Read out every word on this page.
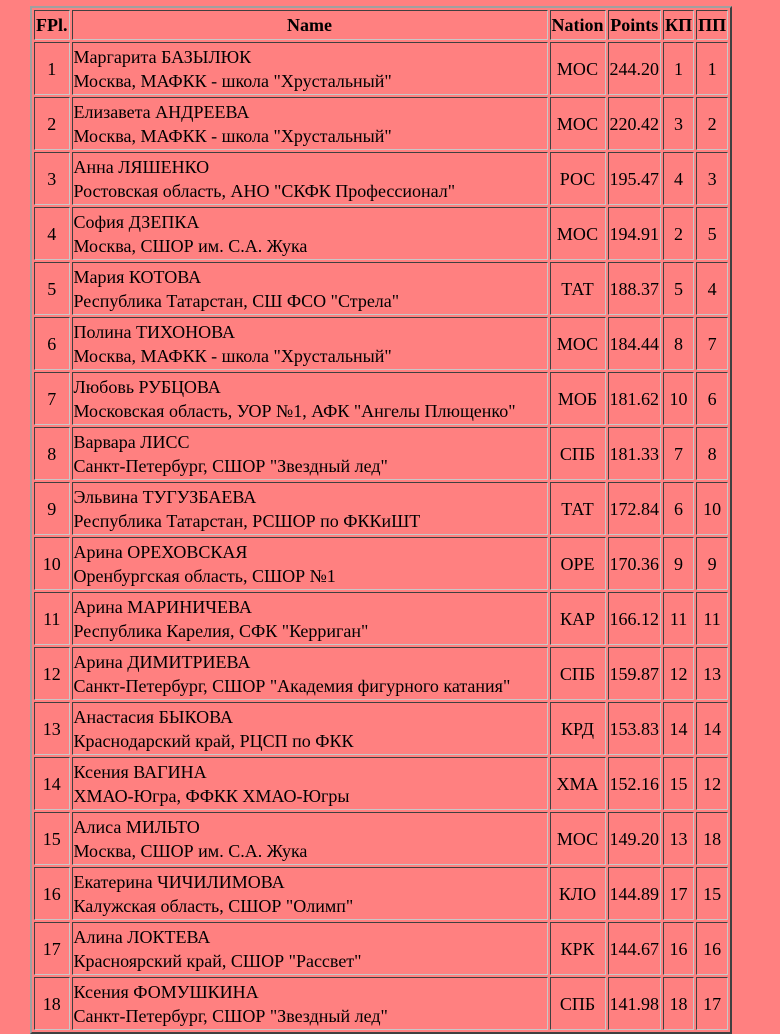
FPl.	Name	Nation	Points	КП	ПП
1	Маргарита БАЗЫЛЮК
Москва, МАФКК - школа "Хрустальный"	МОС	244.20	1	1
2	Елизавета АНДРЕЕВА
Москва, МАФКК - школа "Хрустальный"	МОС	220.42	3	2
3	Анна ЛЯШЕНКО
Ростовская область, АНО "СКФК Профессионал"	РОС	195.47	4	3
4	София ДЗЕПКА
Москва, СШОР им. С.А. Жука	МОС	194.91	2	5
5	Мария КОТОВА
Республика Татарстан, СШ ФСО "Стрела"	ТАТ	188.37	5	4
6	Полина ТИХОНОВА
Москва, МАФКК - школа "Хрустальный"	МОС	184.44	8	7
7	Любовь РУБЦОВА
Московская область, УОР №1, АФК "Ангелы Плющенко"	МОБ	181.62	10	6
8	Варвара ЛИСС
Санкт-Петербург, СШОР "Звездный лед"	СПБ	181.33	7	8
9	Эльвина ТУГУЗБАЕВА
Республика Татарстан, РСШОР по ФККиШТ	ТАТ	172.84	6	10
10	Арина ОРЕХОВСКАЯ
Оренбургская область, СШОР №1	ОРЕ	170.36	9	9
11	Арина МАРИНИЧЕВА
Республика Карелия, СФК "Керриган"	КАР	166.12	11	11
12	Арина ДИМИТРИЕВА
Санкт-Петербург, СШОР "Академия фигурного катания"	СПБ	159.87	12	13
13	Анастасия БЫКОВА
Краснодарский край, РЦСП по ФКК	КРД	153.83	14	14
14	Ксения ВАГИНА
ХМАО-Югра, ФФКК ХМАО-Югры	ХМА	152.16	15	12
15	Алиса МИЛЬТО
Москва, СШОР им. С.А. Жука	МОС	149.20	13	18
16	Екатерина ЧИЧИЛИМОВА
Калужская область, СШОР "Олимп"	КЛО	144.89	17	15
17	Алина ЛОКТЕВА
Красноярский край, СШОР "Рассвет"	КРК	144.67	16	16
18	Ксения ФОМУШКИНА
Санкт-Петербург, СШОР "Звездный лед"	СПБ	141.98	18	17
